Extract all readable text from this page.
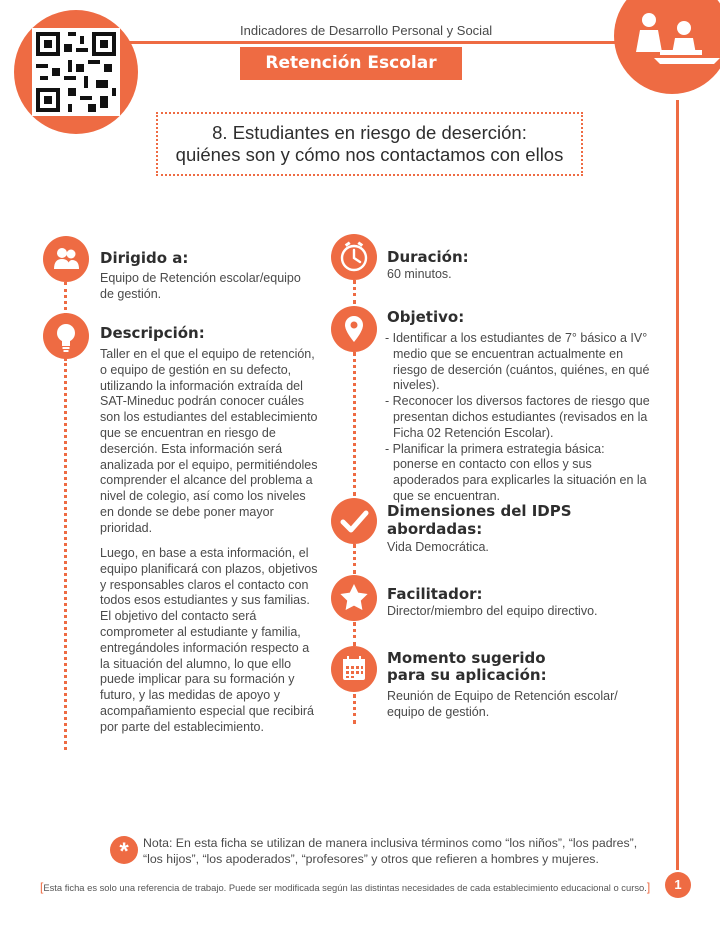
Indicadores de Desarrollo Personal y Social
Retención Escolar
8. Estudiantes en riesgo de deserción:
quiénes son y cómo nos contactamos con ellos
Dirigido a:
Equipo de Retención escolar/equipo de gestión.
Descripción:
Taller en el que el equipo de retención, o equipo de gestión en su defecto, utilizando la información extraída del SAT-Mineduc podrán conocer cuáles son los estudiantes del establecimiento que se encuentran en riesgo de deserción. Esta información será analizada por el equipo, permitiéndoles comprender el alcance del problema a nivel de colegio, así como los niveles en donde se debe poner mayor prioridad.
Luego, en base a esta información, el equipo planificará con plazos, objetivos y responsables claros el contacto con todos esos estudiantes y sus familias. El objetivo del contacto será comprometer al estudiante y familia, entregándoles información respecto a la situación del alumno, lo que ello puede implicar para su formación y futuro, y las medidas de apoyo y acompañamiento especial que recibirá por parte del establecimiento.
Duración:
60 minutos.
Objetivo:
- Identificar a los estudiantes de 7° básico a IV° medio que se encuentran actualmente en riesgo de deserción (cuántos, quiénes, en qué niveles).
- Reconocer los diversos factores de riesgo que presentan dichos estudiantes (revisados en la Ficha 02 Retención Escolar).
- Planificar la primera estrategia básica: ponerse en contacto con ellos y sus apoderados para explicarles la situación en la que se encuentran.
Dimensiones del IDPS
abordadas:
Vida Democrática.
Facilitador:
Director/miembro del equipo directivo.
Momento sugerido
para su aplicación:
Reunión de Equipo de Retención escolar/ equipo de gestión.
*	Nota: En esta ficha se utilizan de manera inclusiva términos como “los niños”, “los padres”, “los hijos”, “los apoderados”, “profesores” y otros que refieren a hombres y mujeres.
[Esta ficha es solo una referencia de trabajo. Puede ser modificada según las distintas necesidades de cada establecimiento educacional o curso.]	1
